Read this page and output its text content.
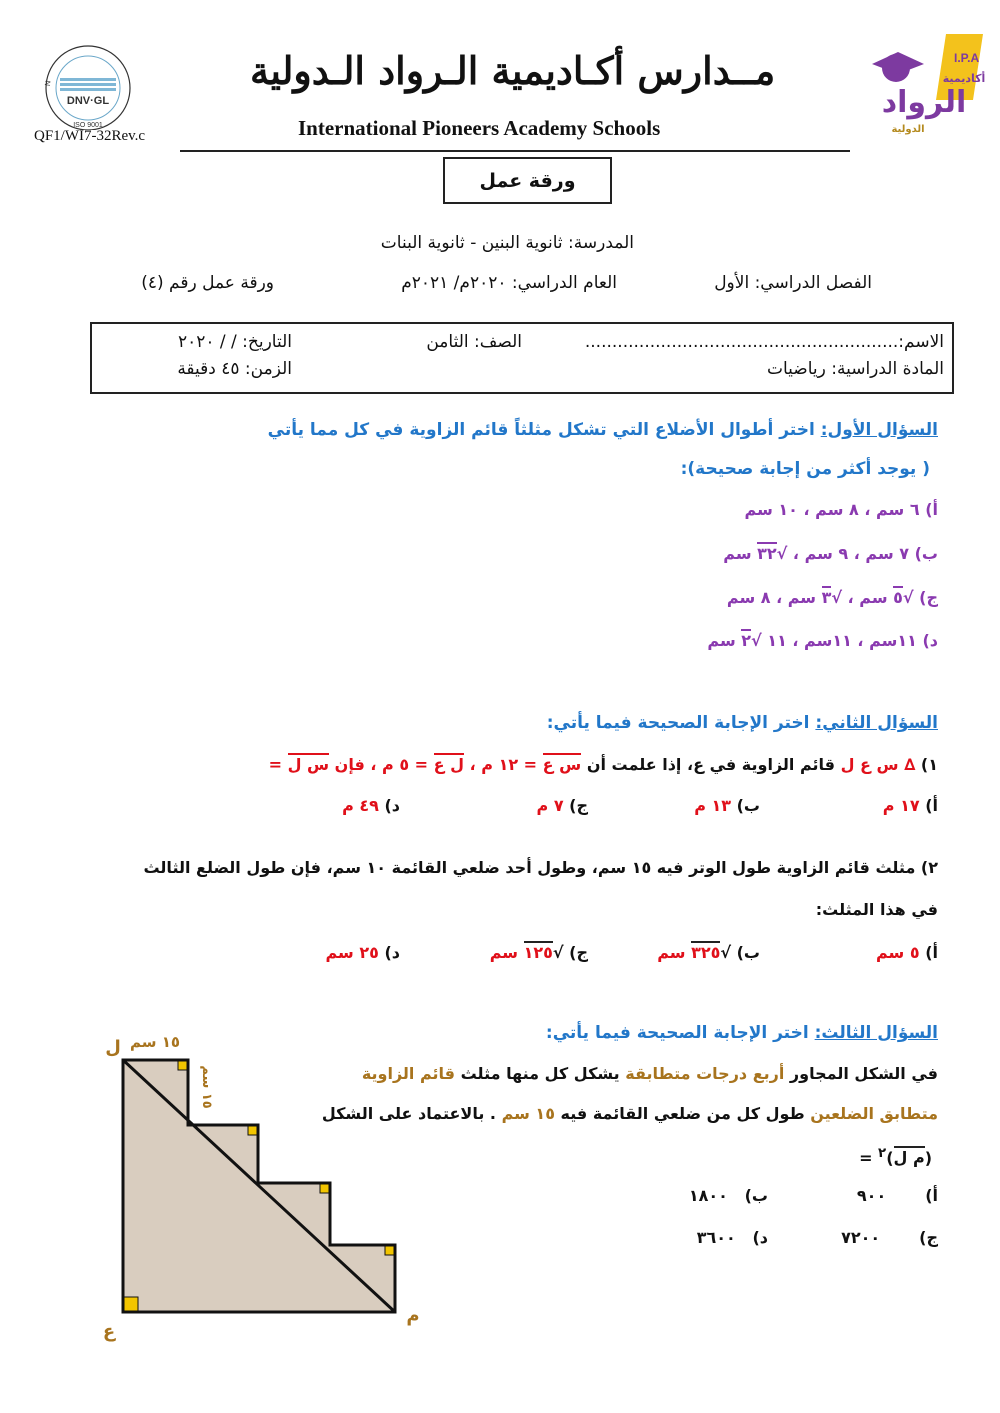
مــدارس أكـاديمية الـرواد الـدولية
International Pioneers Academy Schools
N
DNV·GL
ISO 9001
QF1/WI7-32Rev.c
I.P.A
أكاديمية
الرواد
الدولية
ورقة عمل
المدرسة: ثانوية البنين - ثانوية البنات
الفصل الدراسي: الأول
العام الدراسي: ٢٠٢٠م/ ٢٠٢١م
ورقة عمل رقم (٤)
الاسم:..........................................................
الصف: الثامن
التاريخ: / / ٢٠٢٠
المادة الدراسية: رياضيات
الزمن: ٤٥ دقيقة
السؤال الأول: اختر أطوال الأضلاع التي تشكل مثلثاً قائم الزاوية في كل مما يأتي
( يوجد أكثر من إجابة صحيحة):
أ) ٦ سم ، ٨ سم ، ١٠ سم
ب) ٧ سم ، ٩ سم ، √٣٢ سم
ج) √٥ سم ، √٣ سم ، ٨ سم
د) ١١سم ، ١١سم ، ١١ √٢ سم
السؤال الثاني: اختر الإجابة الصحيحة فيما يأتي:
١) ∆ س ع ل قائم الزاوية في ع، إذا علمت أن س ع = ١٢ م ، ل ع = ٥ م ، فإن س ل =
أ) ١٧ م
ب) ١٣ م
ج) ٧ م
د) ٤٩ م
٢) مثلث قائم الزاوية طول الوتر فيه ١٥ سم، وطول أحد ضلعي القائمة ١٠ سم، فإن طول الضلع الثالث
في هذا المثلث:
أ) ٥ سم
ب) √٣٢٥ سم
ج) √١٢٥ سم
د) ٢٥ سم
السؤال الثالث: اختر الإجابة الصحيحة فيما يأتي:
في الشكل المجاور أربع درجات متطابقة يشكل كل منها مثلث قائم الزاوية
متطابق الضلعين طول كل من ضلعي القائمة فيه ١٥ سم . بالاعتماد على الشكل
(م ل)$^٢$ =
أ)       ٩٠٠
ب)   ١٨٠٠
ج)       ٧٢٠٠
د)   ٣٦٠٠
١٥ سم
١٥ سم
ل
ع
م
